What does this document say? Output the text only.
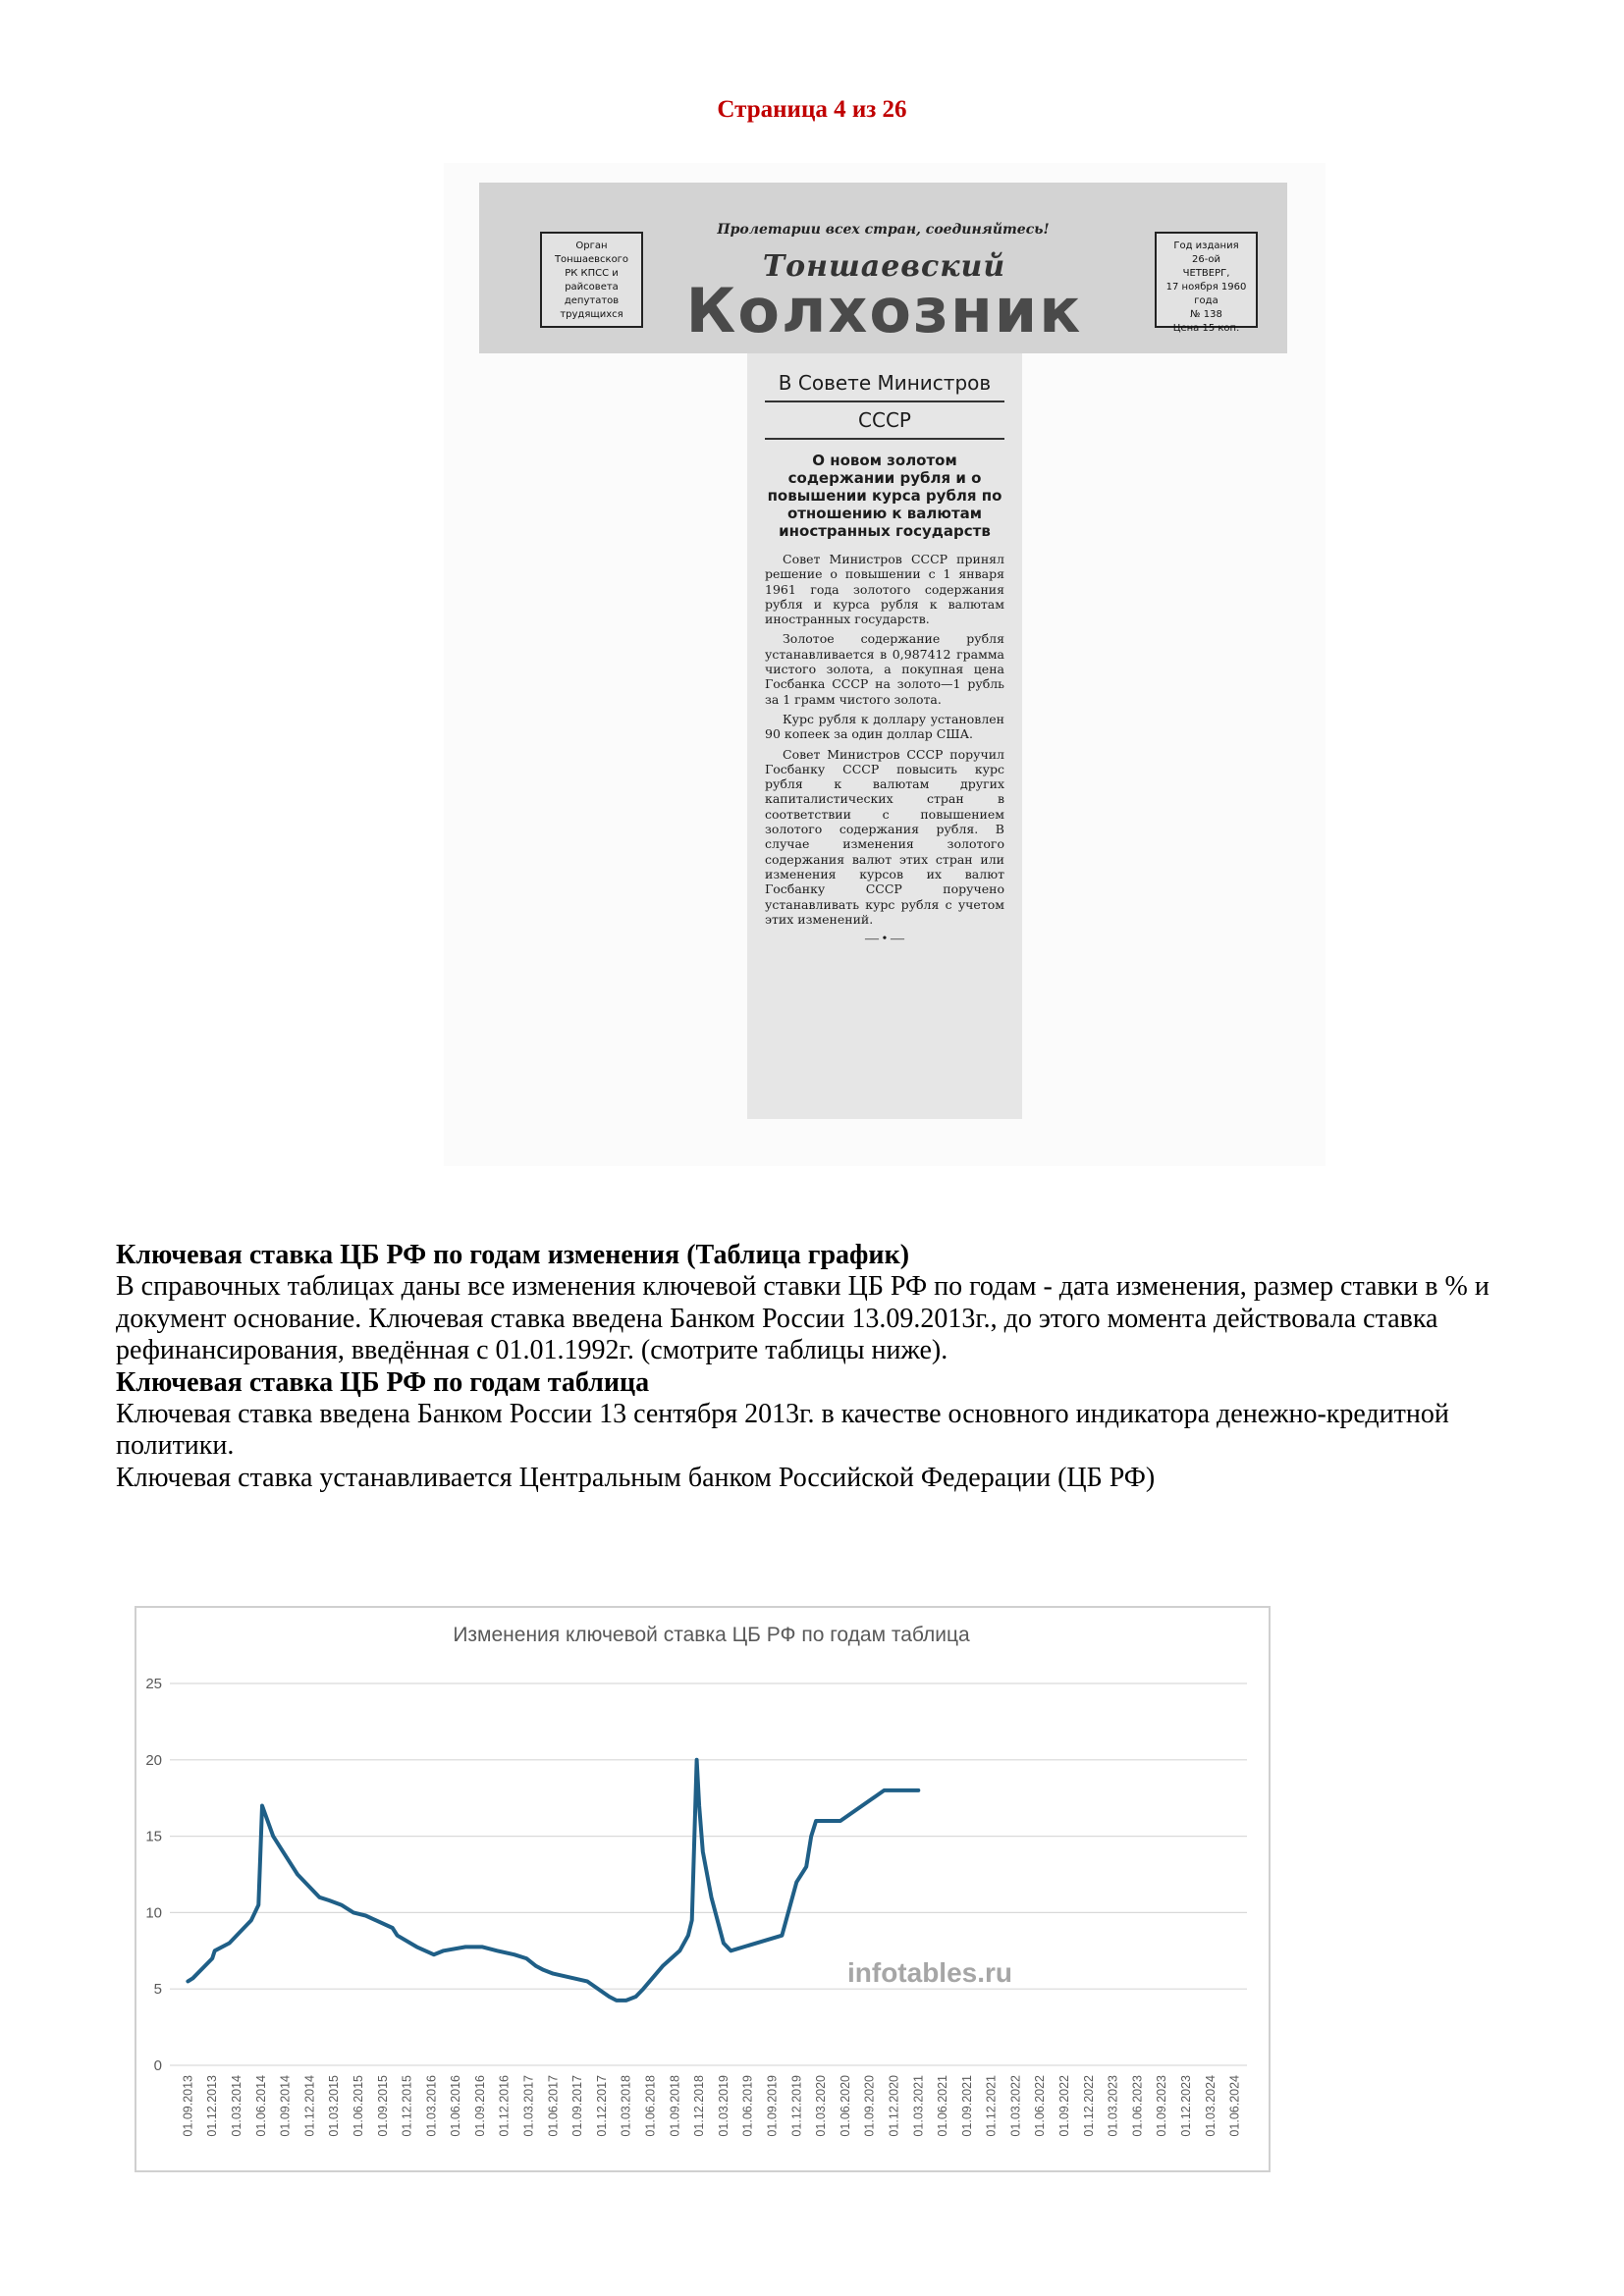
Страница 4 из 26
Орган
Тоншаевского
РК КПСС и райсовета
депутатов
трудящихся
Пролетарии всех стран, соединяйтесь!
Тоншаевский
Колхозник
Год издания
26-ой
ЧЕТВЕРГ,
17 ноября 1960 года
№ 138
Цена 15 коп.
В Совете Министров
СССР
О новом золотом содержании рубля и о повышении курса рубля по отношению к валютам иностранных государств

Совет Министров СССР принял решение о повышении с 1 января 1961 года золотого содержания рубля и курса рубля к валютам иностранных государств.

Золотое содержание рубля устанавливается в 0,987412 грамма чистого золота, а покупная цена Госбанка СССР на золото—1 рубль за 1 грамм чистого золота.

Курс рубля к доллару установлен 90 копеек за один доллар США.

Совет Министров СССР поручил Госбанку СССР повысить курс рубля к валютам других капиталистических стран в соответствии с повышением золотого содержания рубля. В случае изменения золотого содержания валют этих стран или изменения курсов их валют Госбанку СССР поручено устанавливать курс рубля с учетом этих изменений.

— • —

Ключевая ставка ЦБ РФ по годам изменения (Таблица график)

В справочных таблицах даны все изменения ключевой ставки ЦБ РФ по годам - дата изменения, размер ставки в % и документ основание. Ключевая ставка введена Банком России 13.09.2013г., до этого момента действовала ставка рефинансирования, введённая с 01.01.1992г. (смотрите таблицы ниже).

Ключевая ставка ЦБ РФ по годам таблица

Ключевая ставка введена Банком России 13 сентября 2013г. в качестве основного индикатора денежно-кредитной политики.

Ключевая ставка устанавливается Центральным банком Российской Федерации (ЦБ РФ)

Изменения ключевой ставка ЦБ РФ по годам таблица
0
5
10
15
20
25
01.09.2013 01.12.2013 01.03.2014 01.06.2014 01.09.2014 01.12.2014 01.03.2015 01.06.2015 01.09.2015 01.12.2015 01.03.2016 01.06.2016 01.09.2016 01.12.2016 01.03.2017 01.06.2017 01.09.2017 01.12.2017 01.03.2018 01.06.2018 01.09.2018 01.12.2018 01.03.2019 01.06.2019 01.09.2019 01.12.2019 01.03.2020 01.06.2020 01.09.2020 01.12.2020 01.03.2021 01.06.2021 01.09.2021 01.12.2021 01.03.2022 01.06.2022 01.09.2022 01.12.2022 01.03.2023 01.06.2023 01.09.2023 01.12.2023 01.03.2024 01.06.2024
infotables.ru
